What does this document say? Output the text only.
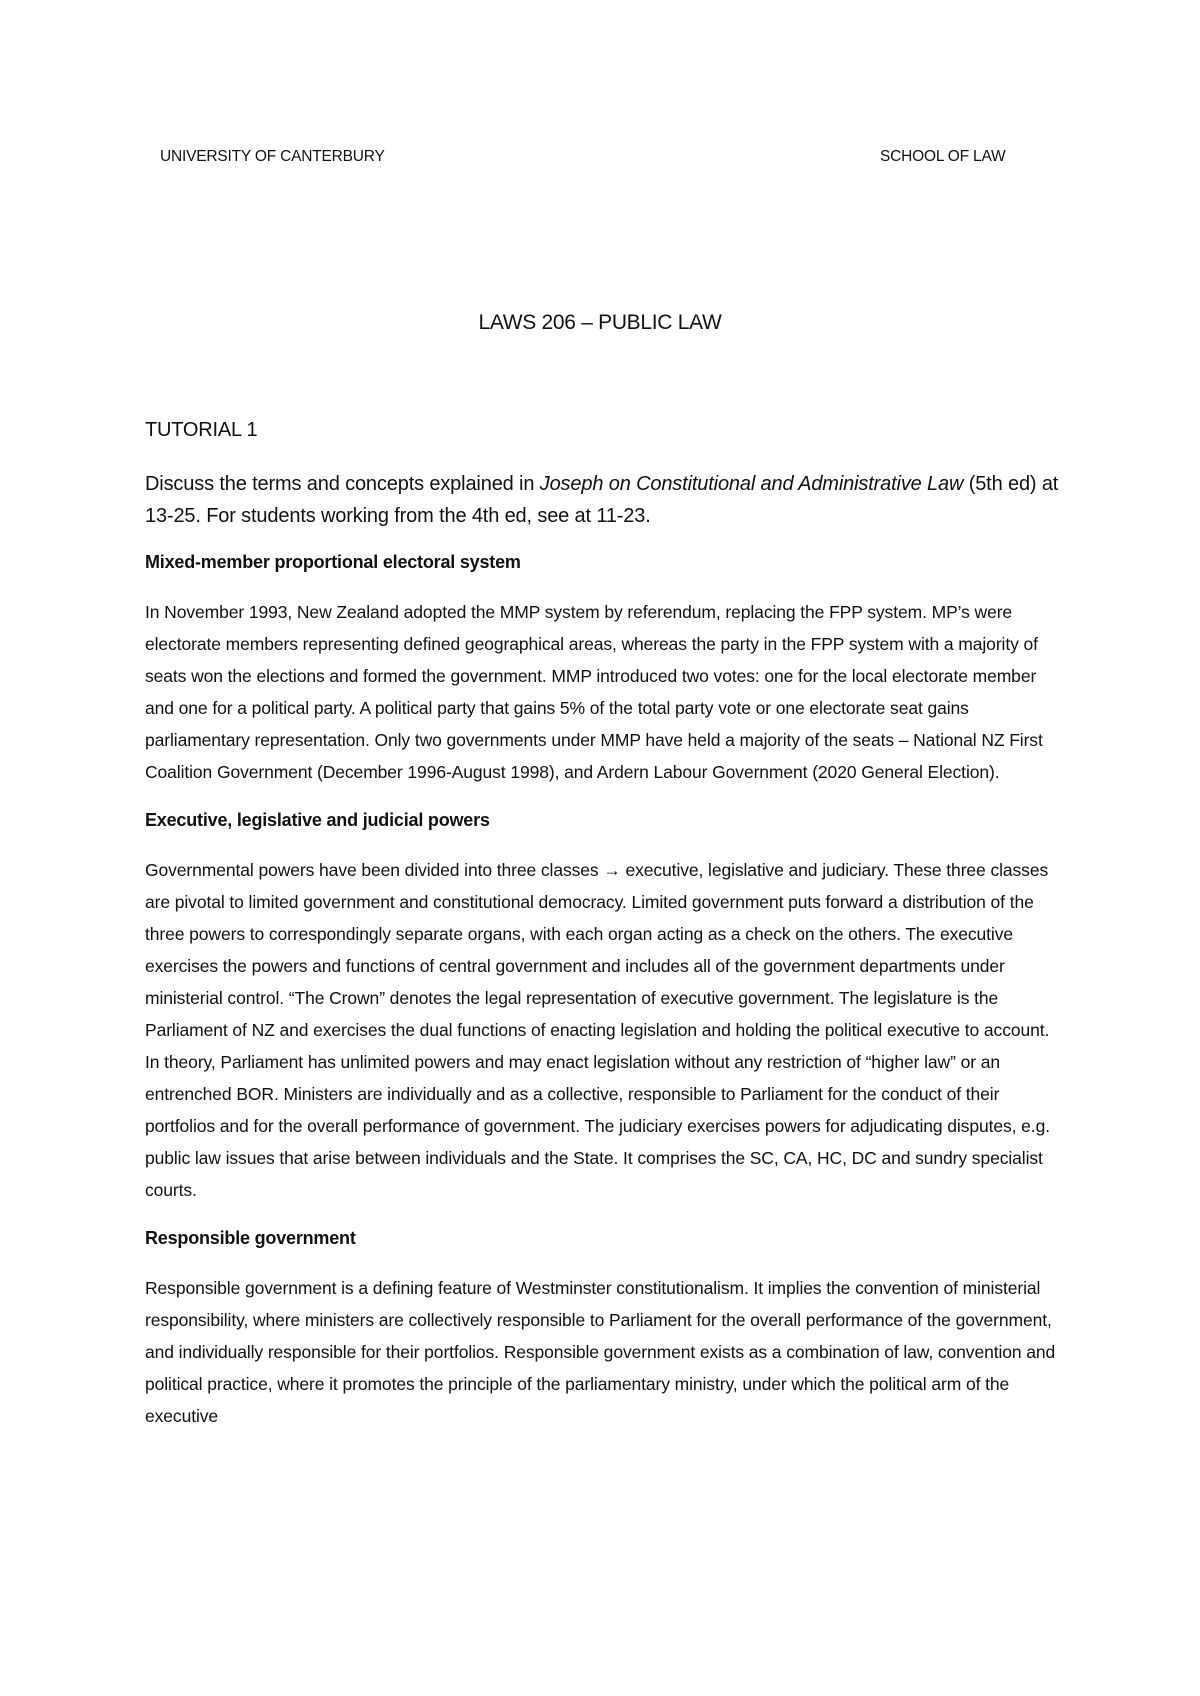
UNIVERSITY OF CANTERBURY	SCHOOL OF LAW
LAWS 206 – PUBLIC LAW

TUTORIAL 1

Discuss the terms and concepts explained in Joseph on Constitutional and Administrative Law (5th ed) at 13-25. For students working from the 4th ed, see at 11-23.

Mixed-member proportional electoral system

In November 1993, New Zealand adopted the MMP system by referendum, replacing the FPP system. MP’s were electorate members representing defined geographical areas, whereas the party in the FPP system with a majority of seats won the elections and formed the government. MMP introduced two votes: one for the local electorate member and one for a political party. A political party that gains 5% of the total party vote or one electorate seat gains parliamentary representation. Only two governments under MMP have held a majority of the seats – National NZ First Coalition Government (December 1996-August 1998), and Ardern Labour Government (2020 General Election).

Executive, legislative and judicial powers

Governmental powers have been divided into three classes → executive, legislative and judiciary. These three classes are pivotal to limited government and constitutional democracy. Limited government puts forward a distribution of the three powers to correspondingly separate organs, with each organ acting as a check on the others. The executive exercises the powers and functions of central government and includes all of the government departments under ministerial control. “The Crown” denotes the legal representation of executive government. The legislature is the Parliament of NZ and exercises the dual functions of enacting legislation and holding the political executive to account. In theory, Parliament has unlimited powers and may enact legislation without any restriction of “higher law” or an entrenched BOR. Ministers are individually and as a collective, responsible to Parliament for the conduct of their portfolios and for the overall performance of government. The judiciary exercises powers for adjudicating disputes, e.g. public law issues that arise between individuals and the State. It comprises the SC, CA, HC, DC and sundry specialist courts.

Responsible government

Responsible government is a defining feature of Westminster constitutionalism. It implies the convention of ministerial responsibility, where ministers are collectively responsible to Parliament for the overall performance of the government, and individually responsible for their portfolios. Responsible government exists as a combination of law, convention and political practice, where it promotes the principle of the parliamentary ministry, under which the political arm of the executive
